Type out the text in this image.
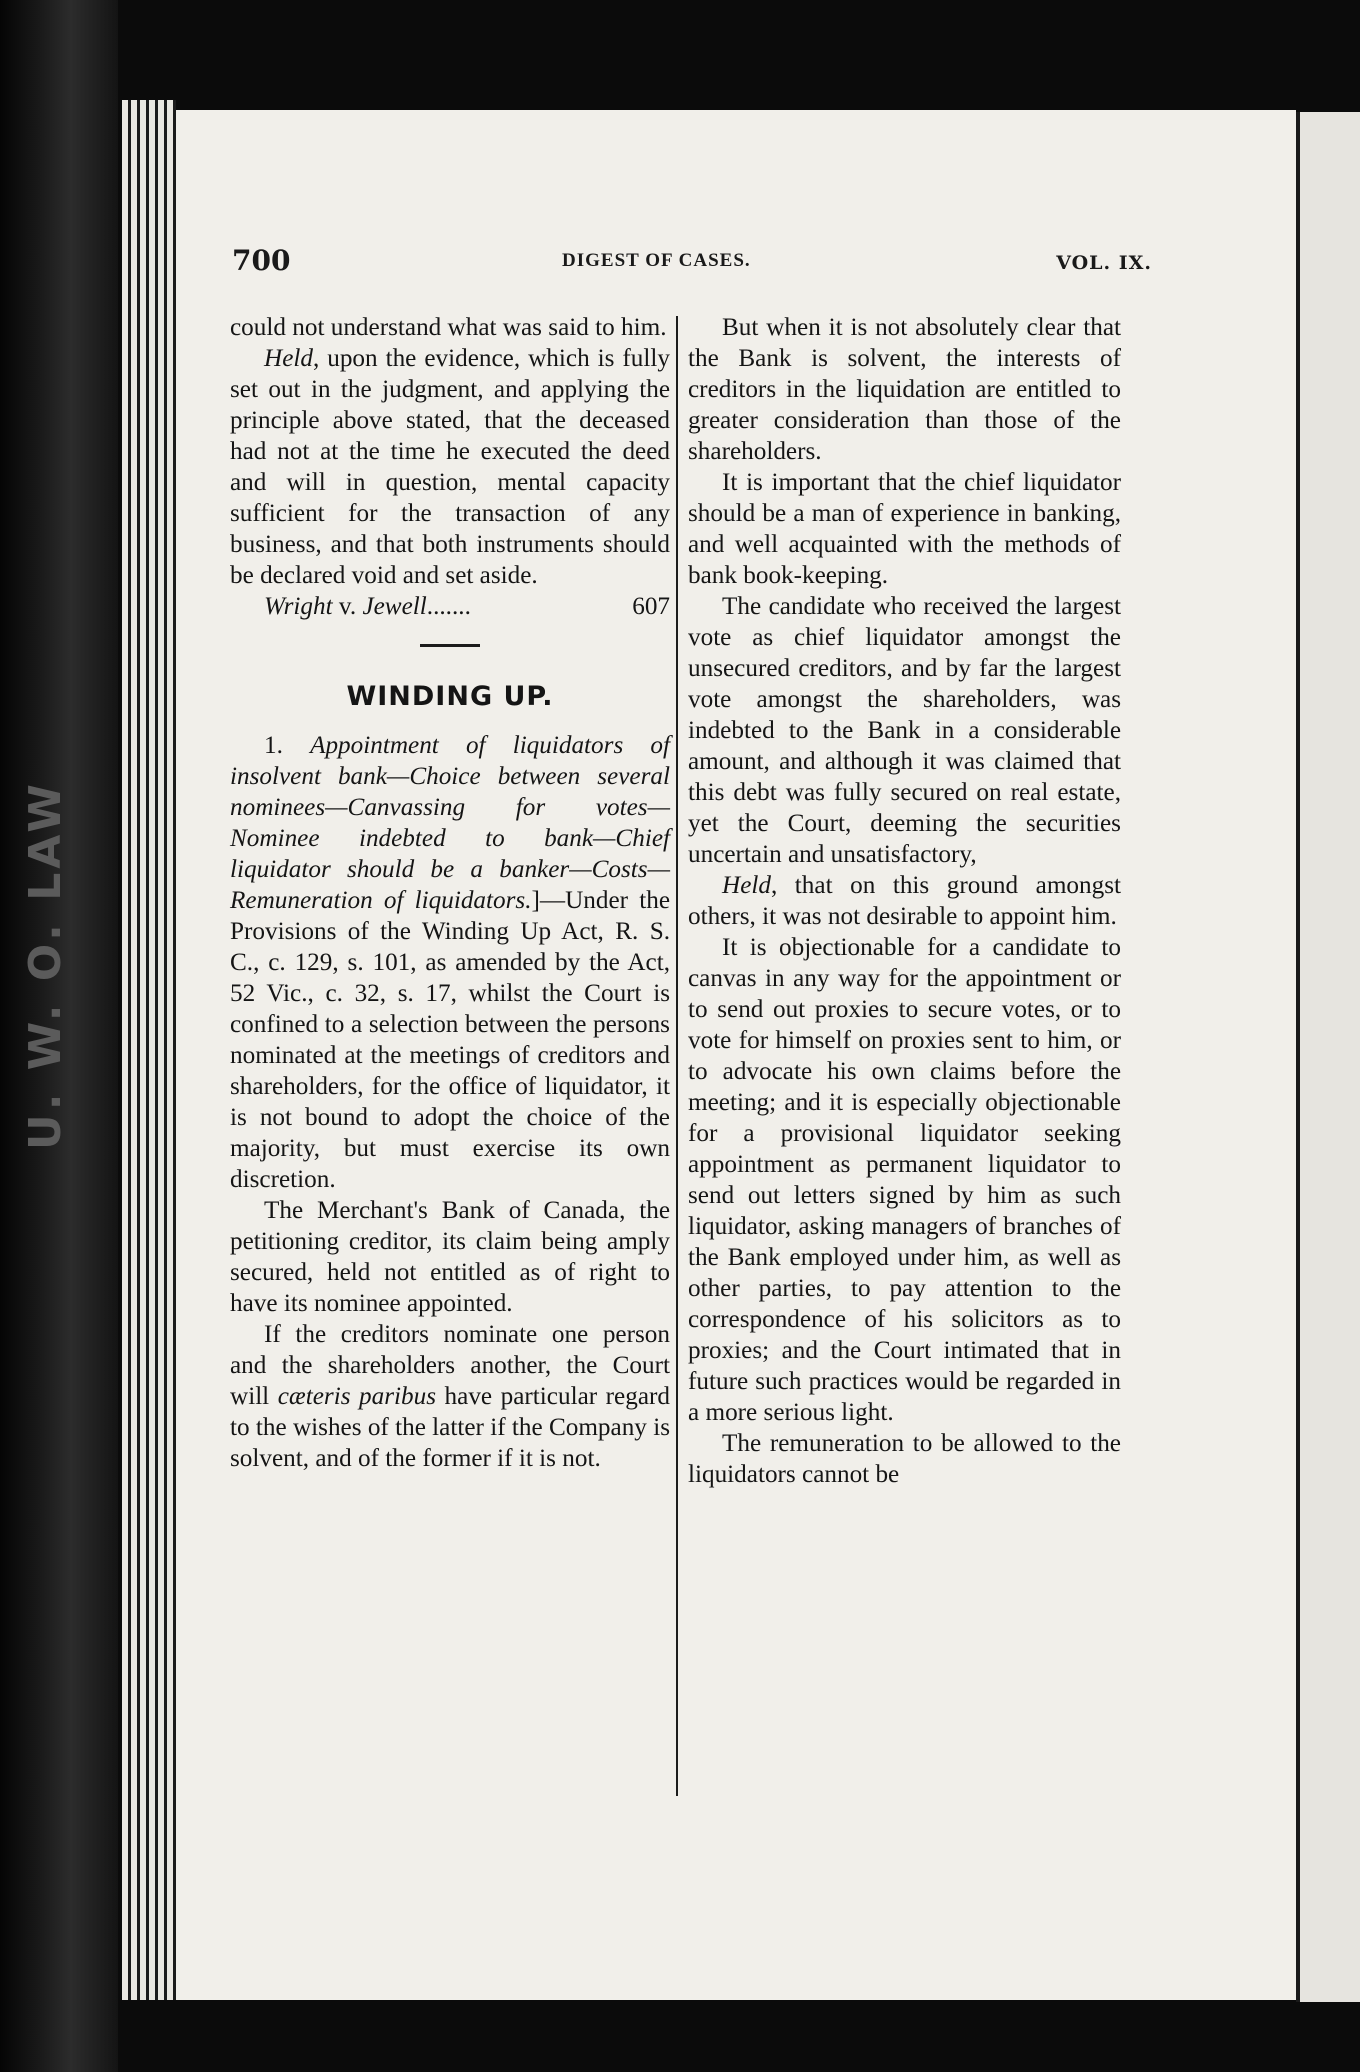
U. W. O. LAW
700	DIGEST OF CASES.	VOL. IX.

could not understand what was said to him.

Held, upon the evidence, which is fully set out in the judgment, and applying the principle above stated, that the deceased had not at the time he executed the deed and will in question, mental capacity sufficient for the transaction of any business, and that both instruments should be declared void and set aside.

Wright v. Jewell.......	607

WINDING UP.

1. Appointment of liquidators of insolvent bank—Choice between several nominees—Canvassing for votes—Nominee indebted to bank—Chief liquidator should be a banker—Costs—Remuneration of liquidators.]—Under the Provisions of the Winding Up Act, R. S. C., c. 129, s. 101, as amended by the Act, 52 Vic., c. 32, s. 17, whilst the Court is confined to a selection between the persons nominated at the meetings of creditors and shareholders, for the office of liquidator, it is not bound to adopt the choice of the majority, but must exercise its own discretion.

The Merchant's Bank of Canada, the petitioning creditor, its claim being amply secured, held not entitled as of right to have its nominee appointed.

If the creditors nominate one person and the shareholders another, the Court will cæteris paribus have particular regard to the wishes of the latter if the Company is solvent, and of the former if it is not.

But when it is not absolutely clear that the Bank is solvent, the interests of creditors in the liquidation are entitled to greater consideration than those of the shareholders.

It is important that the chief liquidator should be a man of experience in banking, and well acquainted with the methods of bank book-keeping.

The candidate who received the largest vote as chief liquidator amongst the unsecured creditors, and by far the largest vote amongst the shareholders, was indebted to the Bank in a considerable amount, and although it was claimed that this debt was fully secured on real estate, yet the Court, deeming the securities uncertain and unsatisfactory,

Held, that on this ground amongst others, it was not desirable to appoint him.

It is objectionable for a candidate to canvas in any way for the appointment or to send out proxies to secure votes, or to vote for himself on proxies sent to him, or to advocate his own claims before the meeting; and it is especially objectionable for a provisional liquidator seeking appointment as permanent liquidator to send out letters signed by him as such liquidator, asking managers of branches of the Bank employed under him, as well as other parties, to pay attention to the correspondence of his solicitors as to proxies; and the Court intimated that in future such practices would be regarded in a more serious light.

The remuneration to be allowed to the liquidators cannot be
